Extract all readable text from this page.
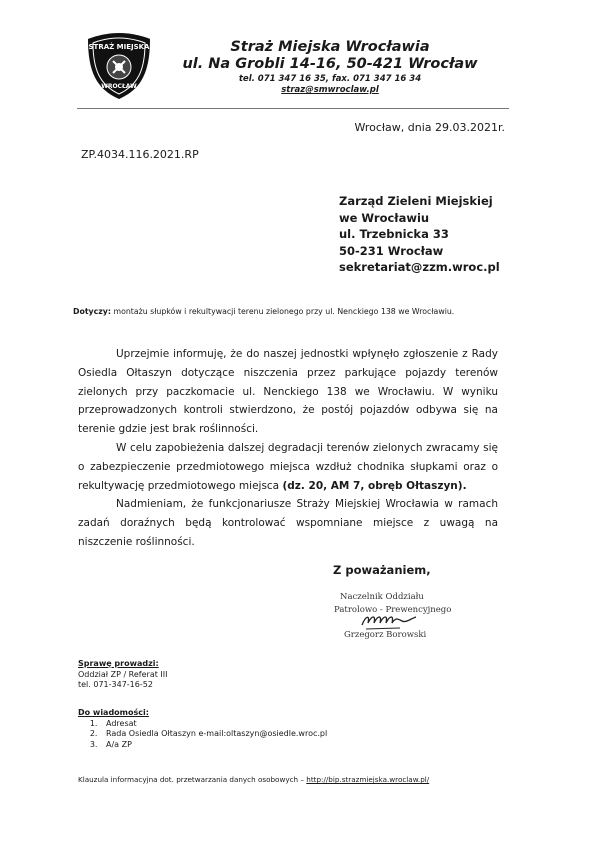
STRAŻ MIEJSKA
WROCŁAW
Straż Miejska Wrocławia
ul. Na Grobli 14-16, 50-421 Wrocław
tel. 071 347 16 35, fax. 071 347 16 34
straz@smwroclaw.pl
Wrocław, dnia 29.03.2021r.
ZP.4034.116.2021.RP
Zarząd Zieleni Miejskiej
we Wrocławiu
ul. Trzebnicka 33
50-231 Wrocław
sekretariat@zzm.wroc.pl
Dotyczy: montażu słupków i rekultywacji terenu zielonego przy ul. Nenckiego 138 we Wrocławiu.

Uprzejmie informuję, że do naszej jednostki wpłynęło zgłoszenie z Rady Osiedla Ołtaszyn dotyczące niszczenia przez parkujące pojazdy terenów zielonych przy paczkomacie ul. Nenckiego 138 we Wrocławiu. W wyniku przeprowadzonych kontroli stwierdzono, że postój pojazdów odbywa się na terenie gdzie jest brak roślinności.

W celu zapobieżenia dalszej degradacji terenów zielonych zwracamy się o zabezpieczenie przedmiotowego miejsca wzdłuż chodnika słupkami oraz o rekultywację przedmiotowego miejsca (dz. 20, AM 7, obręb Ołtaszyn).

Nadmieniam, że funkcjonariusze Straży Miejskiej Wrocławia w ramach zadań doraźnych będą kontrolować wspomniane miejsce z uwagą na niszczenie roślinności.

Z poważaniem,
Naczelnik Oddziału
Patrolowo - Prewencyjnego
Grzegorz Borowski
Sprawę prowadzi:
Oddział ZP / Referat III
tel. 071-347-16-52
Do wiadomości:
1. Adresat
2. Rada Osiedla Ołtaszyn e-mail:oltaszyn@osiedle.wroc.pl
3. A/a ZP
Klauzula informacyjna dot. przetwarzania danych osobowych – http://bip.strazmiejska.wroclaw.pl/
